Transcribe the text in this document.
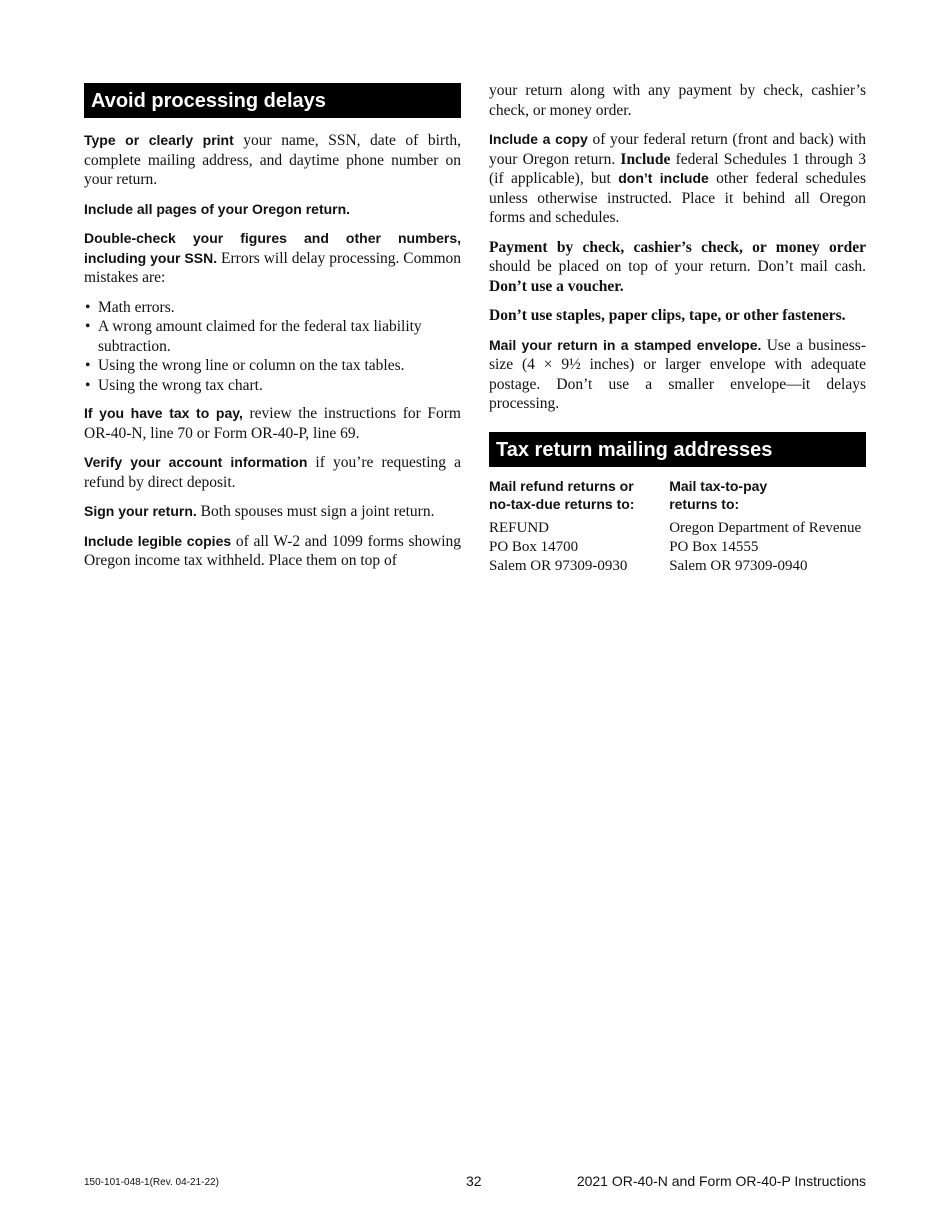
Avoid processing delays

Type or clearly print your name, SSN, date of birth, complete mailing address, and daytime phone number on your return.

Include all pages of your Oregon return.

Double-check your figures and other numbers, including your SSN. Errors will delay processing. Common mistakes are:

• Math errors.
• A wrong amount claimed for the federal tax liability subtraction.
• Using the wrong line or column on the tax tables.
• Using the wrong tax chart.

If you have tax to pay, review the instructions for Form OR-40-N, line 70 or Form OR-40-P, line 69.

Verify your account information if you’re requesting a refund by direct deposit.

Sign your return. Both spouses must sign a joint return.

Include legible copies of all W-2 and 1099 forms showing Oregon income tax withheld. Place them on top of

your return along with any payment by check, cashier’s check, or money order.

Include a copy of your federal return (front and back) with your Oregon return. Include federal Schedules 1 through 3 (if applicable), but don’t include other federal schedules unless otherwise instructed. Place it behind all Oregon forms and schedules.

Payment by check, cashier’s check, or money order should be placed on top of your return. Don’t mail cash. Don’t use a voucher.

Don’t use staples, paper clips, tape, or other fasteners.

Mail your return in a stamped envelope. Use a business-size (4 × 9½ inches) or larger envelope with adequate postage. Don’t use a smaller envelope—it delays processing.

Tax return mailing addresses
Mail refund returns or no-tax-due returns to:
REFUND
PO Box 14700
Salem OR 97309-0930
Mail tax-to-pay returns to:
Oregon Department of Revenue
PO Box 14555
Salem OR 97309-0940
150-101-048-1(Rev. 04-21-22)	32	2021 OR-40-N and Form OR-40-P Instructions
